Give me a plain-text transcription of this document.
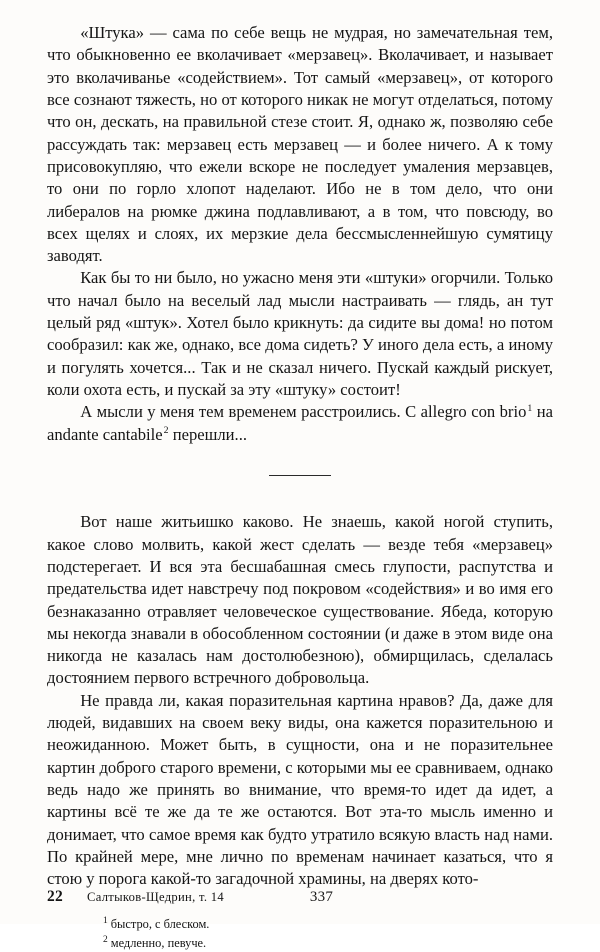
«Штука» — сама по себе вещь не мудрая, но замечательная тем, что обыкновенно ее вколачивает «мерзавец». Вколачивает, и называет это вколачиванье «содействием». Тот самый «мерзавец», от которого все сознают тяжесть, но от которого никак не могут отделаться, потому что он, дескать, на правильной стезе стоит. Я, однако ж, позволяю себе рассуждать так: мерзавец есть мерзавец — и более ничего. А к тому присовокупляю, что ежели вскоре не последует умаления мерзавцев, то они по горло хлопот наделают. Ибо не в том дело, что они либералов на рюмке джина подлавливают, а в том, что повсюду, во всех щелях и слоях, их мерзкие дела бессмысленнейшую сумятицу заводят.

Как бы то ни было, но ужасно меня эти «штуки» огорчили. Только что начал было на веселый лад мысли настраивать — глядь, ан тут целый ряд «штук». Хотел было крикнуть: да сидите вы дома! но потом сообразил: как же, однако, все дома сидеть? У иного дела есть, а иному и погулять хочется... Так и не сказал ничего. Пускай каждый рискует, коли охота есть, и пускай за эту «штуку» состоит!

А мысли у меня тем временем расстроились. С allegro con brio$^1$ на andante cantabile$^2$ перешли...

Вот наше житьишко каково. Не знаешь, какой ногой ступить, какое слово молвить, какой жест сделать — везде тебя «мерзавец» подстерегает. И вся эта бесшабашная смесь глупости, распутства и предательства идет навстречу под покровом «содействия» и во имя его безнаказанно отравляет человеческое существование. Ябеда, которую мы некогда знавали в обособленном состоянии (и даже в этом виде она никогда не казалась нам достолюбезною), обмирщилась, сделалась достоянием первого встречного добровольца.

Не правда ли, какая поразительная картина нравов? Да, даже для людей, видавших на своем веку виды, она кажется поразительною и неожиданною. Может быть, в сущности, она и не поразительнее картин доброго старого времени, с которыми мы ее сравниваем, однако ведь надо же принять во внимание, что время-то идет да идет, а картины всё те же да те же остаются. Вот эта-то мысль именно и донимает, что самое время как будто утратило всякую власть над нами. По крайней мере, мне лично по временам начинает казаться, что я стою у порога какой-то загадочной храмины, на дверях кото-

$^1$ быстро, с блеском.

$^2$ медленно, певуче.

22	Салтыков-Щедрин, т. 14	337
